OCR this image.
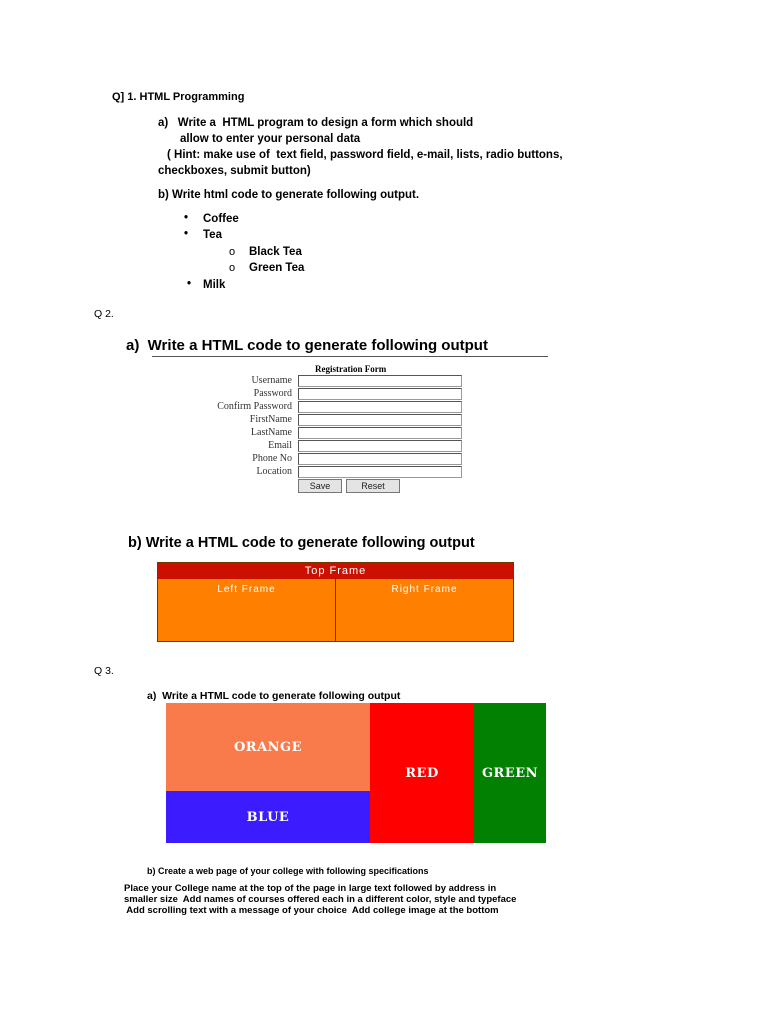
Q] 1. HTML Programming
a)   Write a  HTML program to design a form which should
allow to enter your personal data
( Hint: make use of  text field, password field, e-mail, lists, radio buttons,
checkboxes, submit button)
b) Write html code to generate following output.
• Coffee
• Tea
o Black Tea
o Green Tea
• Milk
Q 2.
a)  Write a HTML code to generate following output
Registration Form
Username
Password
Confirm Password
FirstName
LastName
Email
Phone No
Location
Save	Reset
b) Write a HTML code to generate following output
Top Frame
Left Frame	Right Frame
Q 3.
a)  Write a HTML code to generate following output
ORANGE
BLUE
RED	GREEN
b) Create a web page of your college with following specifications
Place your College name at the top of the page in large text followed by address in
smaller size  Add names of courses offered each in a different color, style and typeface
Add scrolling text with a message of your choice  Add college image at the bottom
